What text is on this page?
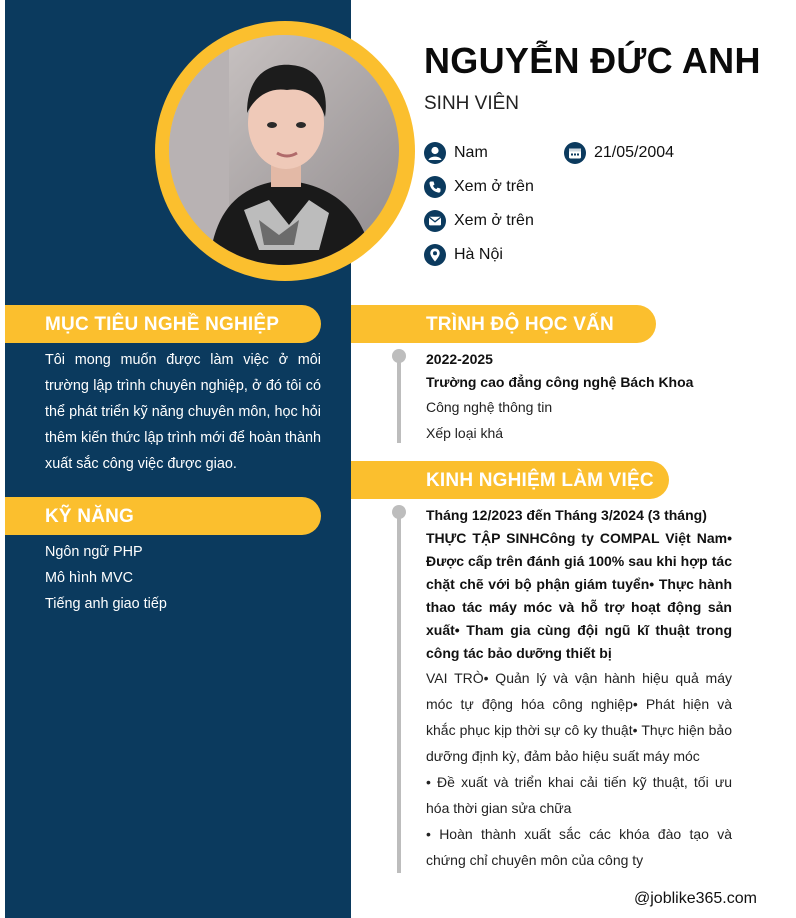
NGUYỄN ĐỨC ANH
SINH VIÊN
Nam	21/05/2004
Xem ở trên
Xem ở trên
Hà Nội
MỤC TIÊU NGHỀ NGHIỆP
Tôi mong muốn được làm việc ở môi trường lập trình chuyên nghiệp, ở đó tôi có thể phát triển kỹ năng chuyên môn, học hỏi thêm kiến thức lập trình mới để hoàn thành xuất sắc công việc được giao.
KỸ NĂNG
Ngôn ngữ PHP
Mô hình MVC
Tiếng anh giao tiếp
TRÌNH ĐỘ HỌC VẤN
2022-2025
Trường cao đẳng công nghệ Bách Khoa
Công nghệ thông tin
Xếp loại khá
KINH NGHIỆM LÀM VIỆC
Tháng 12/2023 đến Tháng 3/2024 (3 tháng)
THỰC TẬP SINHCông ty COMPAL Việt Nam• Được cấp trên đánh giá 100% sau khi hợp tác chặt chẽ với bộ phận giám tuyển• Thực hành thao tác máy móc và hỗ trợ hoạt động sản xuất• Tham gia cùng đội ngũ kĩ thuật trong công tác bảo dưỡng thiết bị
VAI TRÒ• Quản lý và vận hành hiệu quả máy móc tự động hóa công nghiệp• Phát hiện và khắc phục kịp thời sự cô ky thuật• Thực hiện bảo dưỡng định kỳ, đảm bảo hiệu suất máy móc
• Đề xuất và triển khai cải tiến kỹ thuật, tối ưu hóa thời gian sửa chữa
• Hoàn thành xuất sắc các khóa đào tạo và chứng chỉ chuyên môn của công ty
@joblike365.com
